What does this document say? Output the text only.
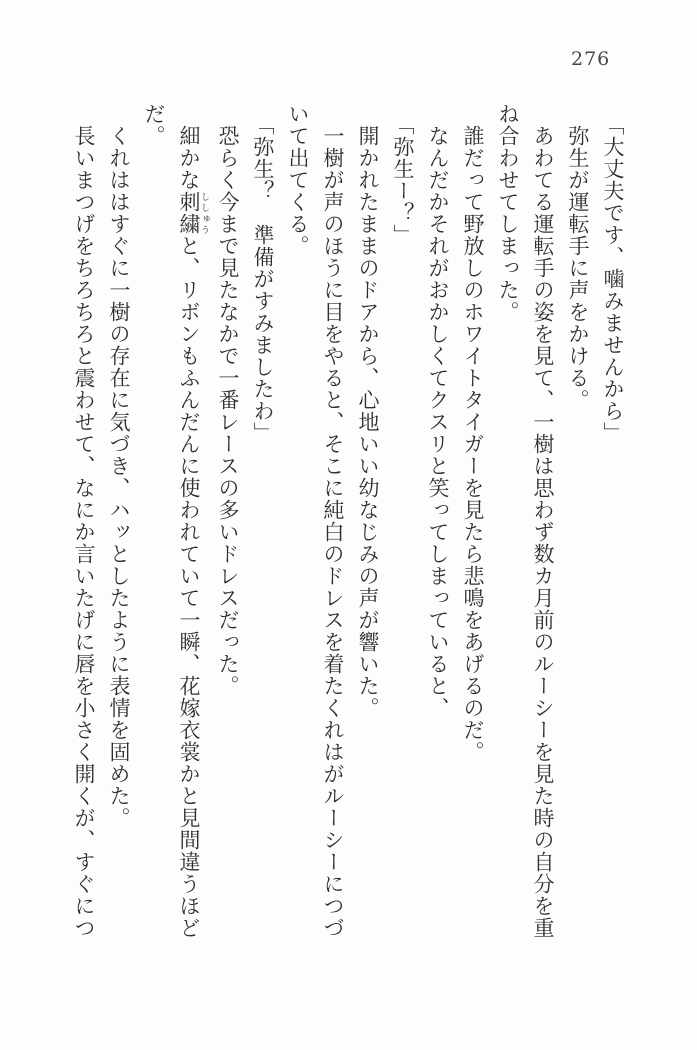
276

「大丈夫です、噛みませんから」

　弥生が運転手に声をかける。

　あわてる運転手の姿を見て、一樹は思わず数カ月前のルーシーを見た時の自分を重ね合わせてしまった。

　誰だって野放しのホワイトタイガーを見たら悲鳴をあげるのだ。

　なんだかそれがおかしくてクスリと笑ってしまっていると、

「弥生ー？」

　開かれたままのドアから、心地いい幼なじみの声が響いた。

　一樹が声のほうに目をやると、そこに純白のドレスを着たくれはがルーシーにつづいて出てくる。

「弥生？　準備がすみましたわ」

　恐らく今まで見たなかで一番レースの多いドレスだった。

　細かな刺繍 ししゅうと、リボンもふんだんに使われていて一瞬、花嫁衣裳かと見間違うほどだ。

　くれははすぐに一樹の存在に気づき、ハッとしたように表情を固めた。

　長いまつげをちろちろと震わせて、なにか言いたげに唇を小さく開くが、すぐにつ
